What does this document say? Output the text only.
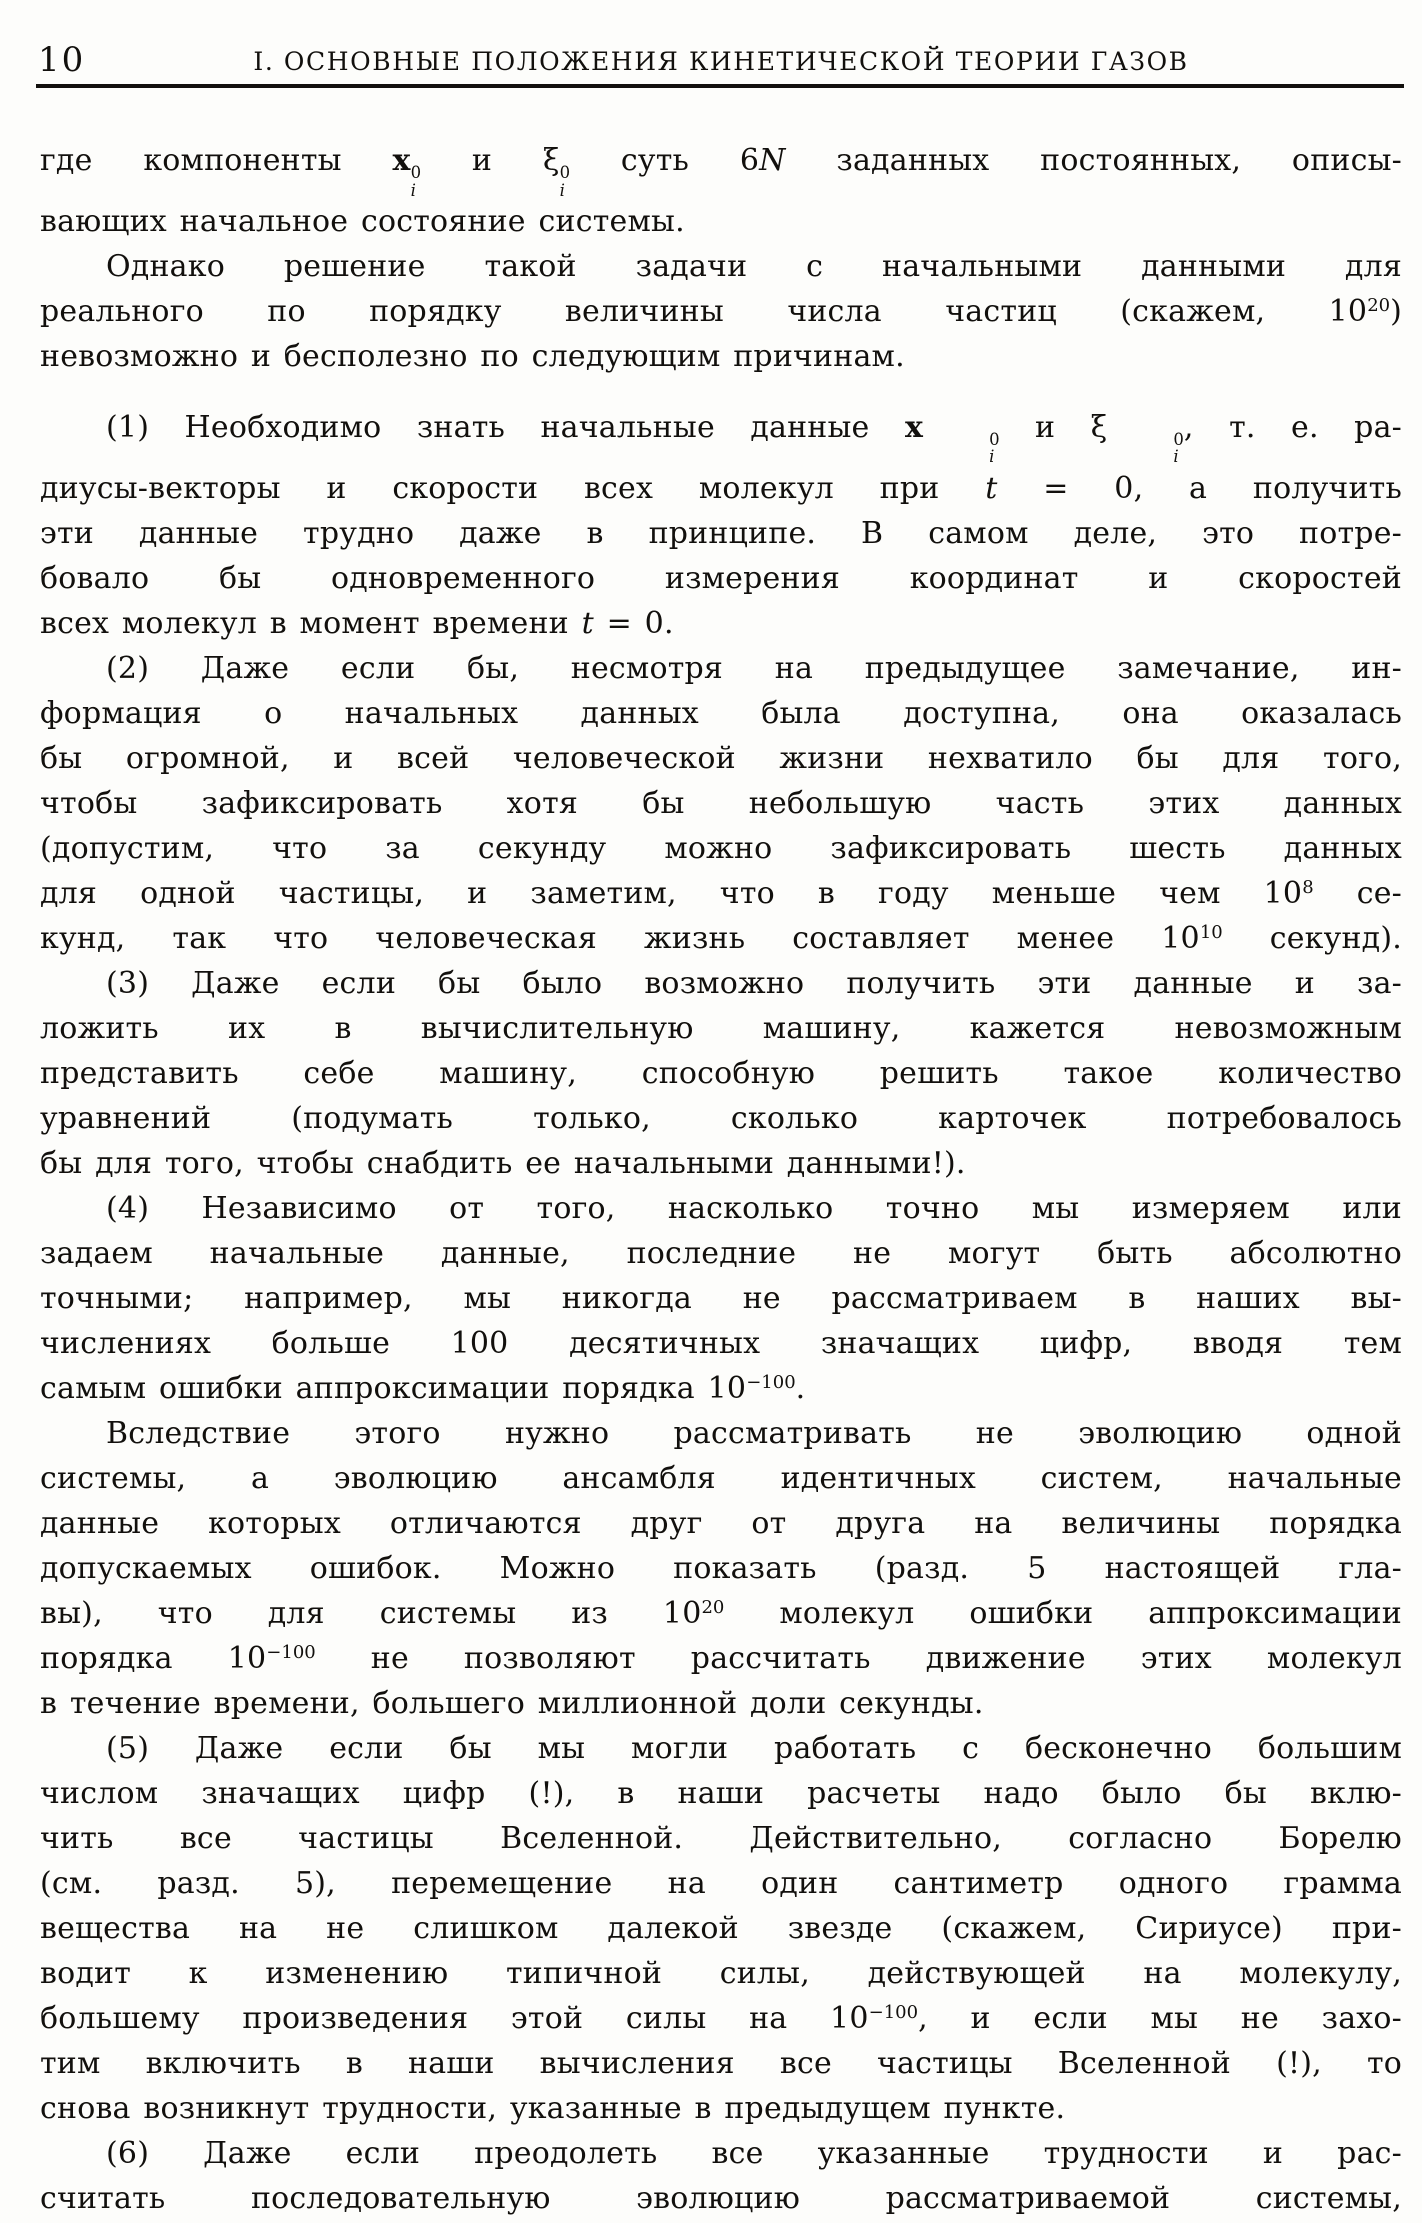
10	I. ОСНОВНЫЕ ПОЛОЖЕНИЯ КИНЕТИЧЕСКОЙ ТЕОРИИ ГАЗОВ
где компоненты x 0
i
и ξ 0
i
суть 6N заданных постоянных, описы-
вающих начальное состояние системы.
Однако решение такой задачи с начальными данными для
реального по порядку величины числа частиц (скажем, $10^{20}$)
невозможно и бесполезно по следующим причинам.
(1) Необходимо знать начальные данные x	0
i
и ξ	0
i
, т. е. ра-
диусы-векторы и скорости всех молекул при t = 0, а получить
эти данные трудно даже в принципе. В самом деле, это потре-
бовало бы одновременного измерения координат и скоростей
всех молекул в момент времени t = 0.
(2) Даже если бы, несмотря на предыдущее замечание, ин-
формация о начальных данных была доступна, она оказалась
бы огромной, и всей человеческой жизни нехватило бы для того,
чтобы зафиксировать хотя бы небольшую часть этих данных
(допустим, что за секунду можно зафиксировать шесть данных
для одной частицы, и заметим, что в году меньше чем $10^8$ се-
кунд, так что человеческая жизнь составляет менее $10^{10}$ секунд).
(3) Даже если бы было возможно получить эти данные и за-
ложить их в вычислительную машину, кажется невозможным
представить себе машину, способную решить такое количество
уравнений (подумать только, сколько карточек потребовалось
бы для того, чтобы снабдить ее начальными данными!).
(4) Независимо от того, насколько точно мы измеряем или
задаем начальные данные, последние не могут быть абсолютно
точными; например, мы никогда не рассматриваем в наших вы-
числениях больше 100 десятичных значащих цифр, вводя тем
самым ошибки аппроксимации порядка $10^{-100}$.
Вследствие этого нужно рассматривать не эволюцию одной
системы, а эволюцию ансамбля идентичных систем, начальные
данные которых отличаются друг от друга на величины порядка
допускаемых ошибок. Можно показать (разд. 5 настоящей гла-
вы), что для системы из $10^{20}$ молекул ошибки аппроксимации
порядка $10^{-100}$ не позволяют рассчитать движение этих молекул
в течение времени, большего миллионной доли секунды.
(5) Даже если бы мы могли работать с бесконечно большим
числом значащих цифр (!), в наши расчеты надо было бы вклю-
чить все частицы Вселенной. Действительно, согласно Борелю
(см. разд. 5), перемещение на один сантиметр одного грамма
вещества на не слишком далекой звезде (скажем, Сириусе) при-
водит к изменению типичной силы, действующей на молекулу,
большему произведения этой силы на $10^{-100}$, и если мы не захо-
тим включить в наши вычисления все частицы Вселенной (!), то
снова возникнут трудности, указанные в предыдущем пункте.
(6) Даже если преодолеть все указанные трудности и рас-
считать последовательную эволюцию рассматриваемой системы,
